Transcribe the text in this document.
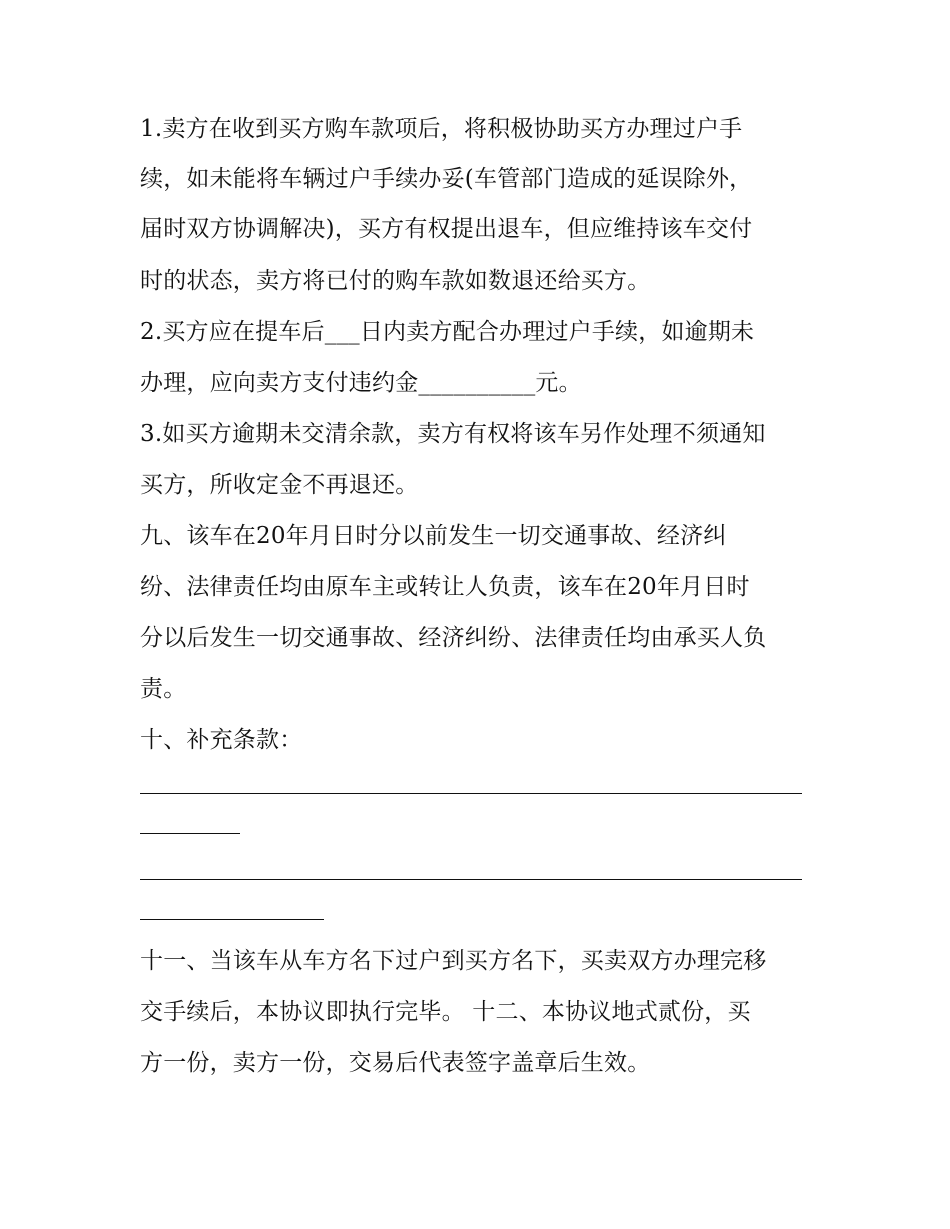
1.卖方在收到买方购车款项后，将积极协助买方办理过户手
续，如未能将车辆过户手续办妥(车管部门造成的延误除外，
届时双方协调解决)，买方有权提出退车，但应维持该车交付
时的状态，卖方将已付的购车款如数退还给买方。
2.买方应在提车后___日内卖方配合办理过户手续，如逾期未
办理，应向卖方支付违约金__________元。
3.如买方逾期未交清余款，卖方有权将该车另作处理不须通知
买方，所收定金不再退还。
九、该车在20年月日时分以前发生一切交通事故、经济纠
纷、法律责任均由原车主或转让人负责，该车在20年月日时
分以后发生一切交通事故、经济纠纷、法律责任均由承买人负
责。
十、补充条款：
十一、当该车从车方名下过户到买方名下，买卖双方办理完移
交手续后，本协议即执行完毕。 十二、本协议地式贰份，买
方一份，卖方一份，交易后代表签字盖章后生效。
